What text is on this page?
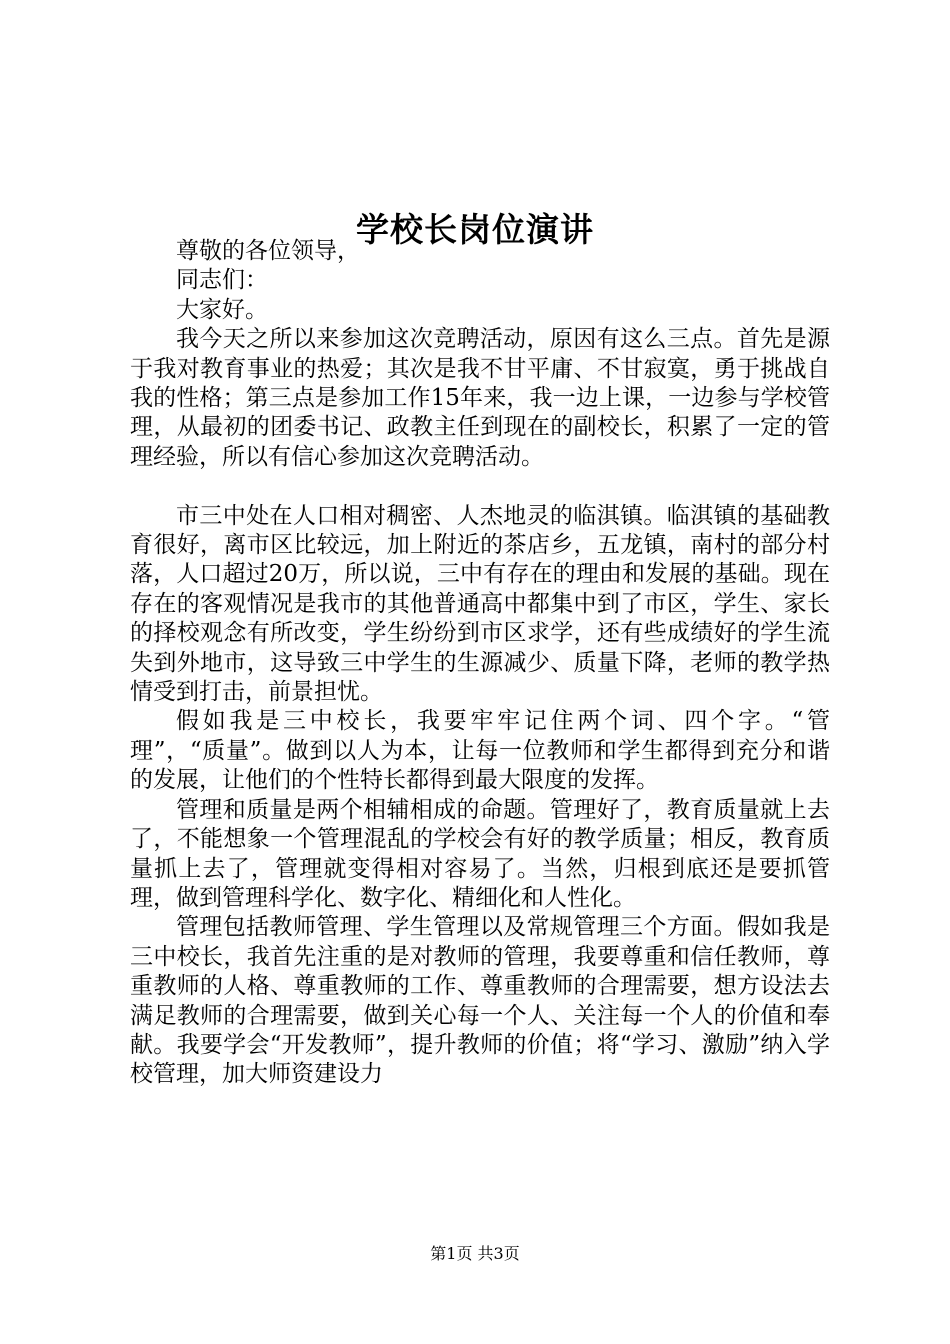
学校长岗位演讲

尊敬的各位领导，

同志们：

大家好。

我今天之所以来参加这次竞聘活动，原因有这么三点。首先是源于我对教育事业的热爱；其次是我不甘平庸、不甘寂寞，勇于挑战自我的性格；第三点是参加工作15年来，我一边上课，一边参与学校管理，从最初的团委书记、政教主任到现在的副校长，积累了一定的管理经验，所以有信心参加这次竞聘活动。

市三中处在人口相对稠密、人杰地灵的临淇镇。临淇镇的基础教育很好，离市区比较远，加上附近的茶店乡，五龙镇，南村的部分村落，人口超过20万，所以说，三中有存在的理由和发展的基础。现在存在的客观情况是我市的其他普通高中都集中到了市区，学生、家长的择校观念有所改变，学生纷纷到市区求学，还有些成绩好的学生流失到外地市，这导致三中学生的生源减少、质量下降，老师的教学热情受到打击，前景担忧。

假如我是三中校长，我要牢牢记住两个词、四个字。“管理”，“质量”。做到以人为本，让每一位教师和学生都得到充分和谐的发展，让他们的个性特长都得到最大限度的发挥。

管理和质量是两个相辅相成的命题。管理好了，教育质量就上去了，不能想象一个管理混乱的学校会有好的教学质量；相反，教育质量抓上去了，管理就变得相对容易了。当然，归根到底还是要抓管理，做到管理科学化、数字化、精细化和人性化。

管理包括教师管理、学生管理以及常规管理三个方面。假如我是三中校长，我首先注重的是对教师的管理，我要尊重和信任教师，尊重教师的人格、尊重教师的工作、尊重教师的合理需要，想方设法去满足教师的合理需要，做到关心每一个人、关注每一个人的价值和奉献。我要学会“开发教师”，提升教师的价值；将“学习、激励”纳入学校管理，加大师资建设力

第1页 共3页
